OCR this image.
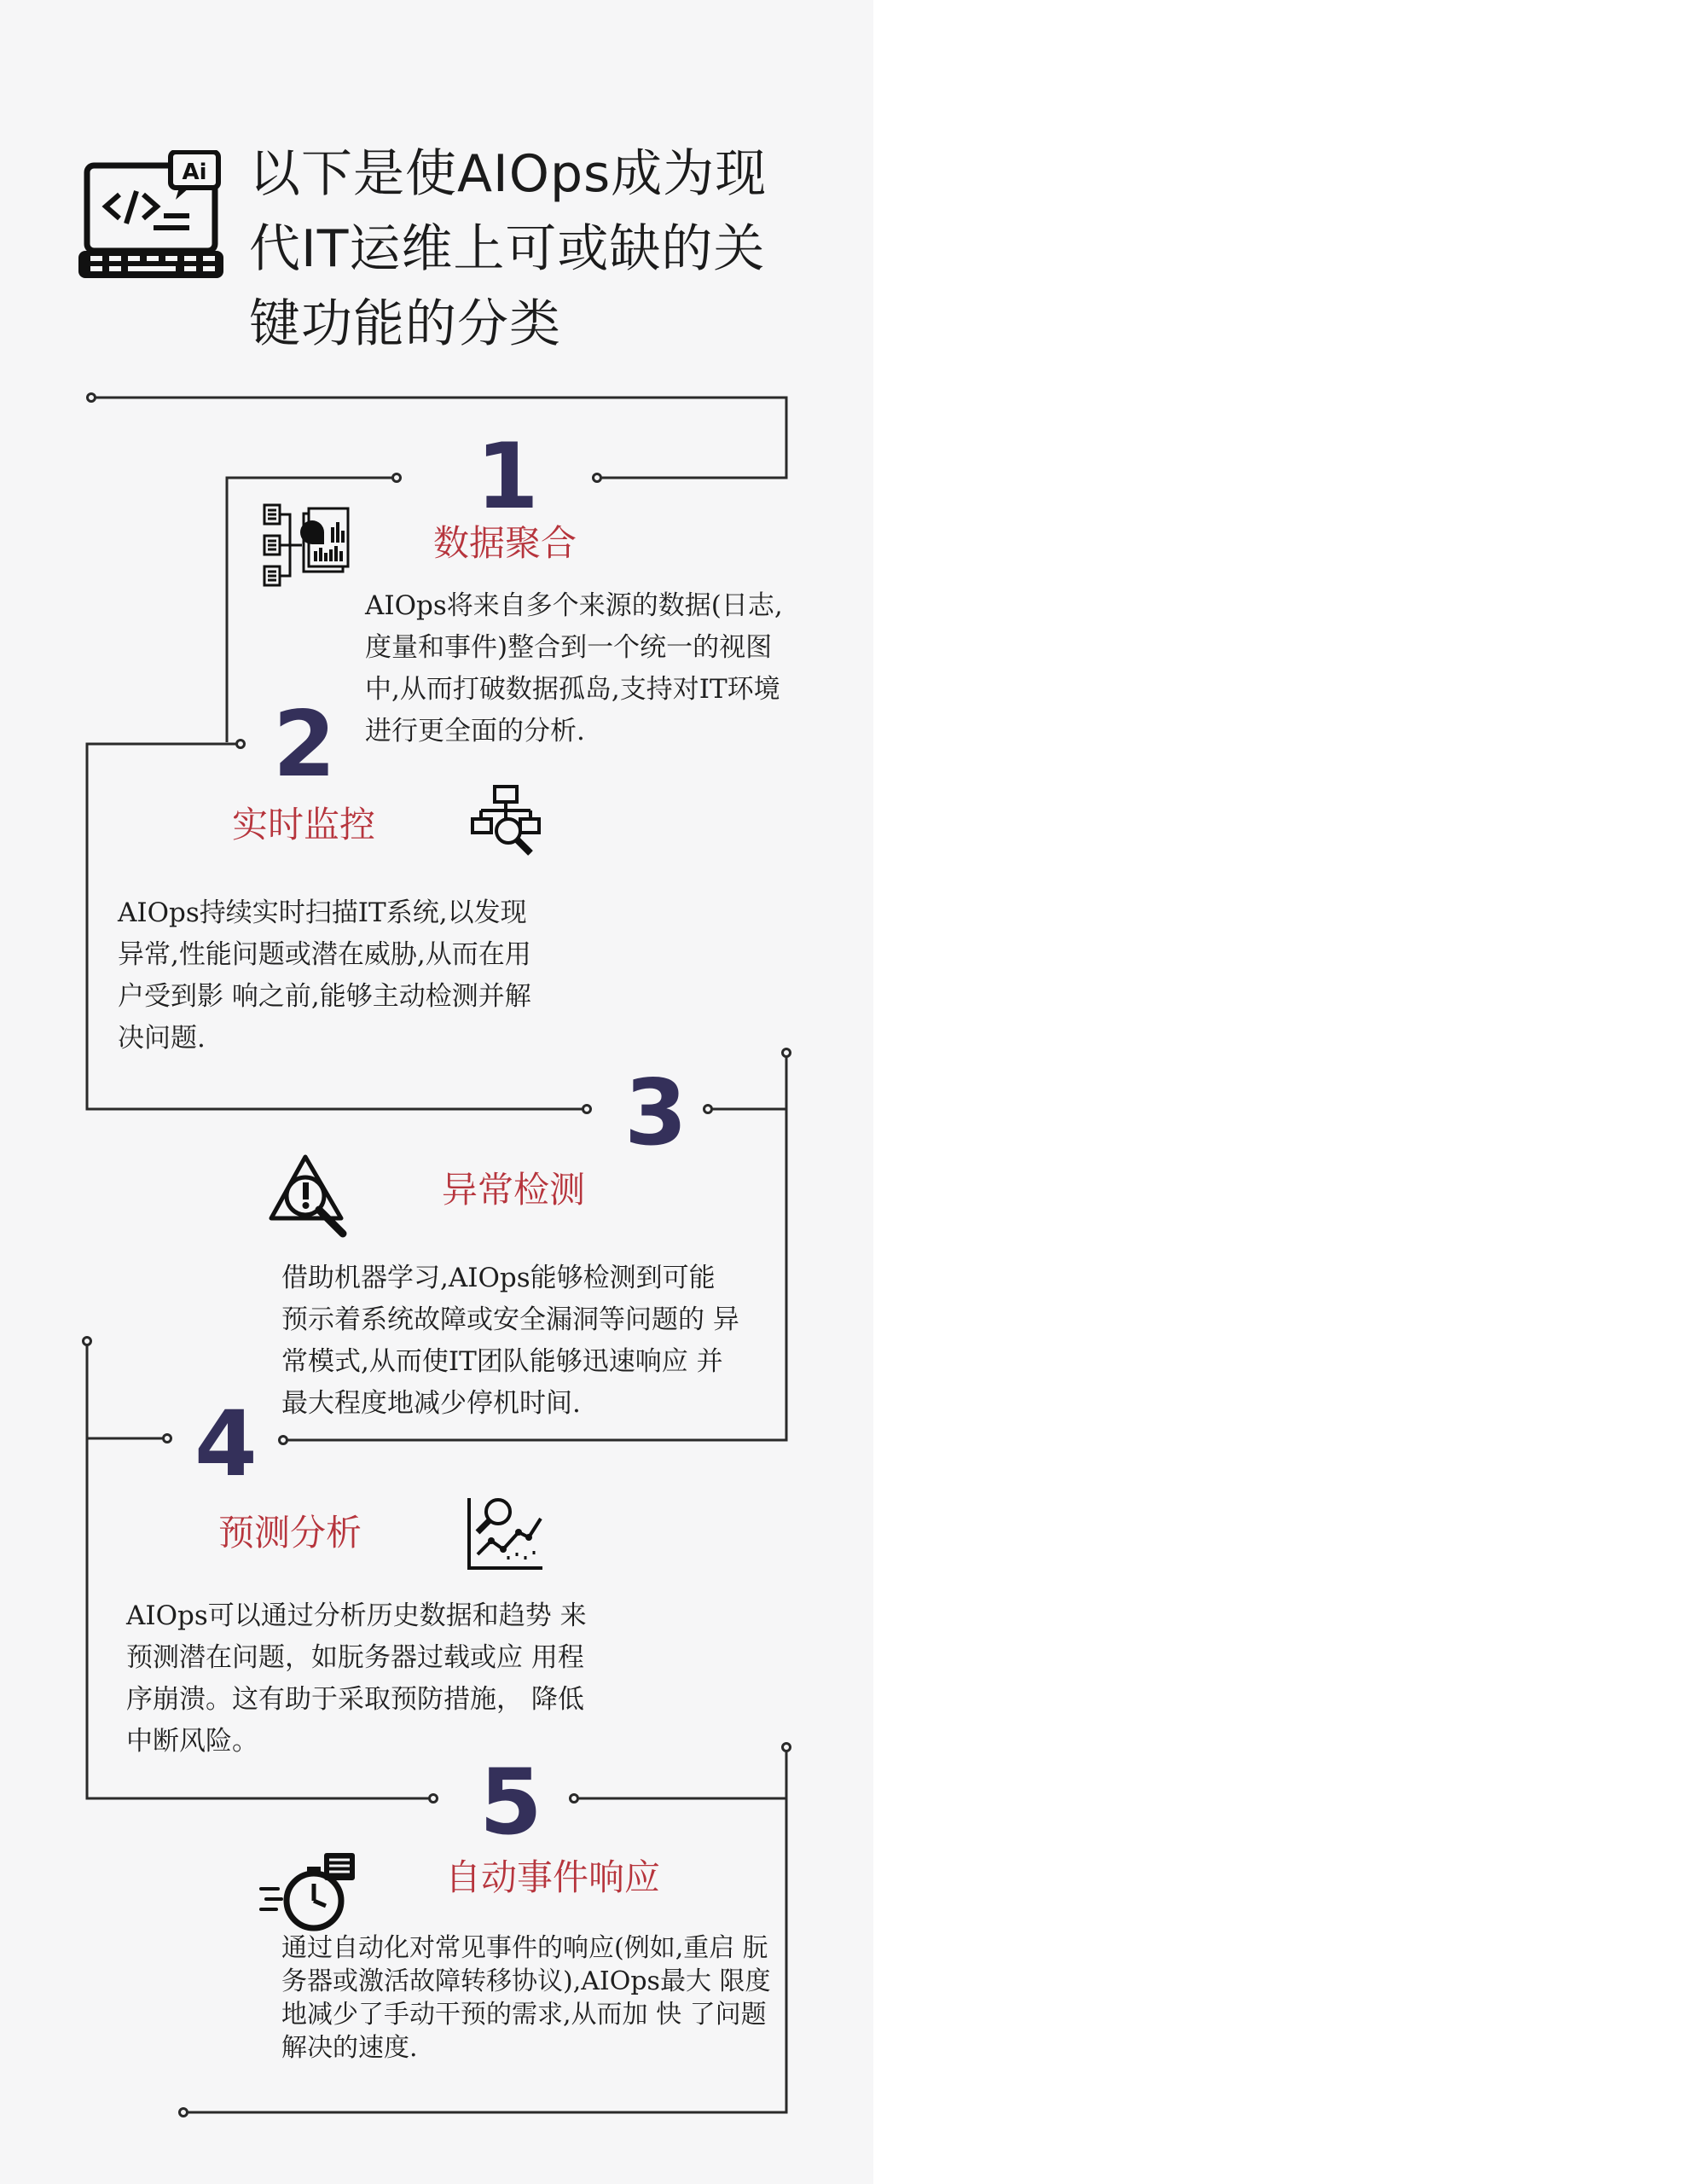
Ai 以下是使AIOps成为现代IT运维上可或缺的关键功能的分类
1
数据聚合
AIOps将来自多个来源的数据(日志, 度量和事件)整合到一个统一的视图 中,从而打破数据孤岛,支持对IT环境 进行更全面的分析.
2
实时监控
AIOps持续实时扫描IT系统,以发现 异常,性能问题或潜在威胁,从而在用 户受到影 响之前,能够主动检测并解 决问题.
3
异常检测
借助机器学习,AIOps能够检测到可能 预示着系统故障或安全漏洞等问题的 异常模式,从而使IT团队能够迅速响应 并最大程度地减少停机时间.
4
预测分析
AIOps可以通过分析历史数据和趋势 来预测潜在问题，如朊务器过载或应 用程序崩溃。这有助于采取预防措施， 降低中断风险。
5
自动事件响应
通过自动化对常见事件的响应(例如,重启 朊务器或激活故障转移协议),AIOps最大 限度地减少了手动干预的需求,从而加 快 了问题解决的速度.
